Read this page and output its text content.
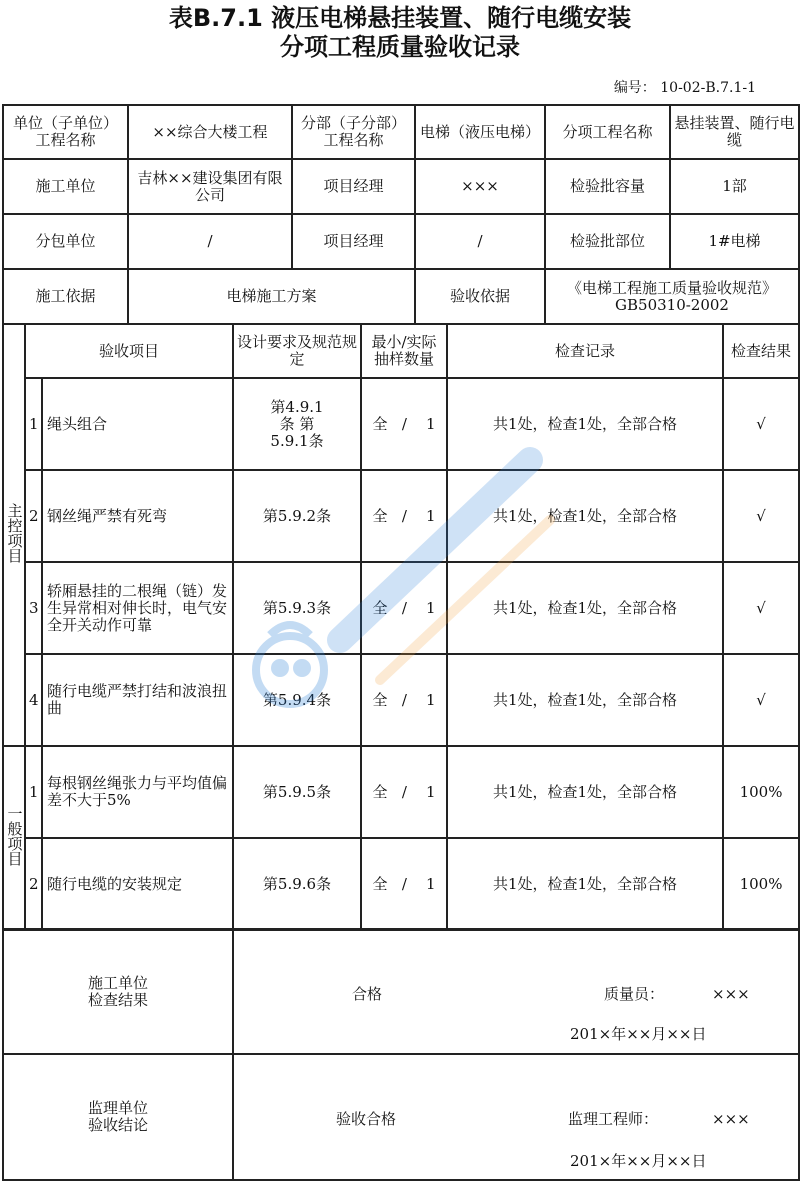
表B.7.1 液压电梯悬挂装置、随行电缆安装
分项工程质量验收记录
编号： 10-02-B.7.1-1
单位（子单位）工程名称	××综合大楼工程	分部（子分部）工程名称	电梯（液压电梯）	分项工程名称	悬挂装置、随行电缆
施工单位	吉林××建设集团有限公司	项目经理	×××	检验批容量	1部
分包单位	/	项目经理	/	检验批部位	1#电梯
施工依据	电梯施工方案		验收依据	《电梯工程施工质量验收规范》GB50310-2002	
主控项目	验收项目		设计要求及规范规定	最小/实际抽样数量	检查记录	检查结果
	1	绳头组合	第4.9.1条 第5.9.1条	全 / 1	共1处，检查1处，全部合格	√
	2	钢丝绳严禁有死弯	第5.9.2条	全 / 1	共1处，检查1处，全部合格	√
	3	轿厢悬挂的二根绳（链）发生异常相对伸长时，电气安全开关动作可靠	第5.9.3条	全 / 1	共1处，检查1处，全部合格	√
	4	随行电缆严禁打结和波浪扭曲	第5.9.4条	全 / 1	共1处，检查1处，全部合格	√
一般项目	1	每根钢丝绳张力与平均值偏差不大于5%	第5.9.5条	全 / 1	共1处，检查1处，全部合格	100%
	2	随行电缆的安装规定	第5.9.6条	全 / 1	共1处，检查1处，全部合格	100%
施工单位检查结果	合格 质量员： ×××
201×年××月××日

监理单位验收结论	验收合格 监理工程师： ×××
201×年××月××日
